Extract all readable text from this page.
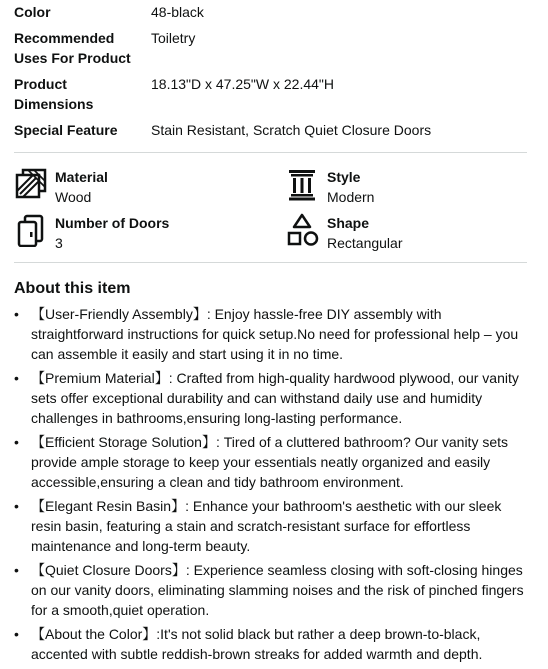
Color	48-black
Recommended Uses For Product
Toiletry
Product Dimensions
18.13"D x 47.25"W x 22.44"H
Special Feature	Stain Resistant, Scratch Quiet Closure Doors
Material
Wood
Style
Modern
Number of Doors
3
Shape
Rectangular
About this item
• 【User-Friendly Assembly】: Enjoy hassle-free DIY assembly with straightforward instructions for quick setup.No need for professional help – you can assemble it easily and start using it in no time.
• 【Premium Material】: Crafted from high-quality hardwood plywood, our vanity sets offer exceptional durability and can withstand daily use and humidity challenges in bathrooms,ensuring long-lasting performance.
• 【Efficient Storage Solution】: Tired of a cluttered bathroom? Our vanity sets provide ample storage to keep your essentials neatly organized and easily accessible,ensuring a clean and tidy bathroom environment.
• 【Elegant Resin Basin】: Enhance your bathroom's aesthetic with our sleek resin basin, featuring a stain and scratch-resistant surface for effortless maintenance and long-term beauty.
• 【Quiet Closure Doors】: Experience seamless closing with soft-closing hinges on our vanity doors, eliminating slamming noises and the risk of pinched fingers for a smooth,quiet operation.
• 【About the Color】:It's not solid black but rather a deep brown-to-black, accented with subtle reddish-brown streaks for added warmth and depth.
